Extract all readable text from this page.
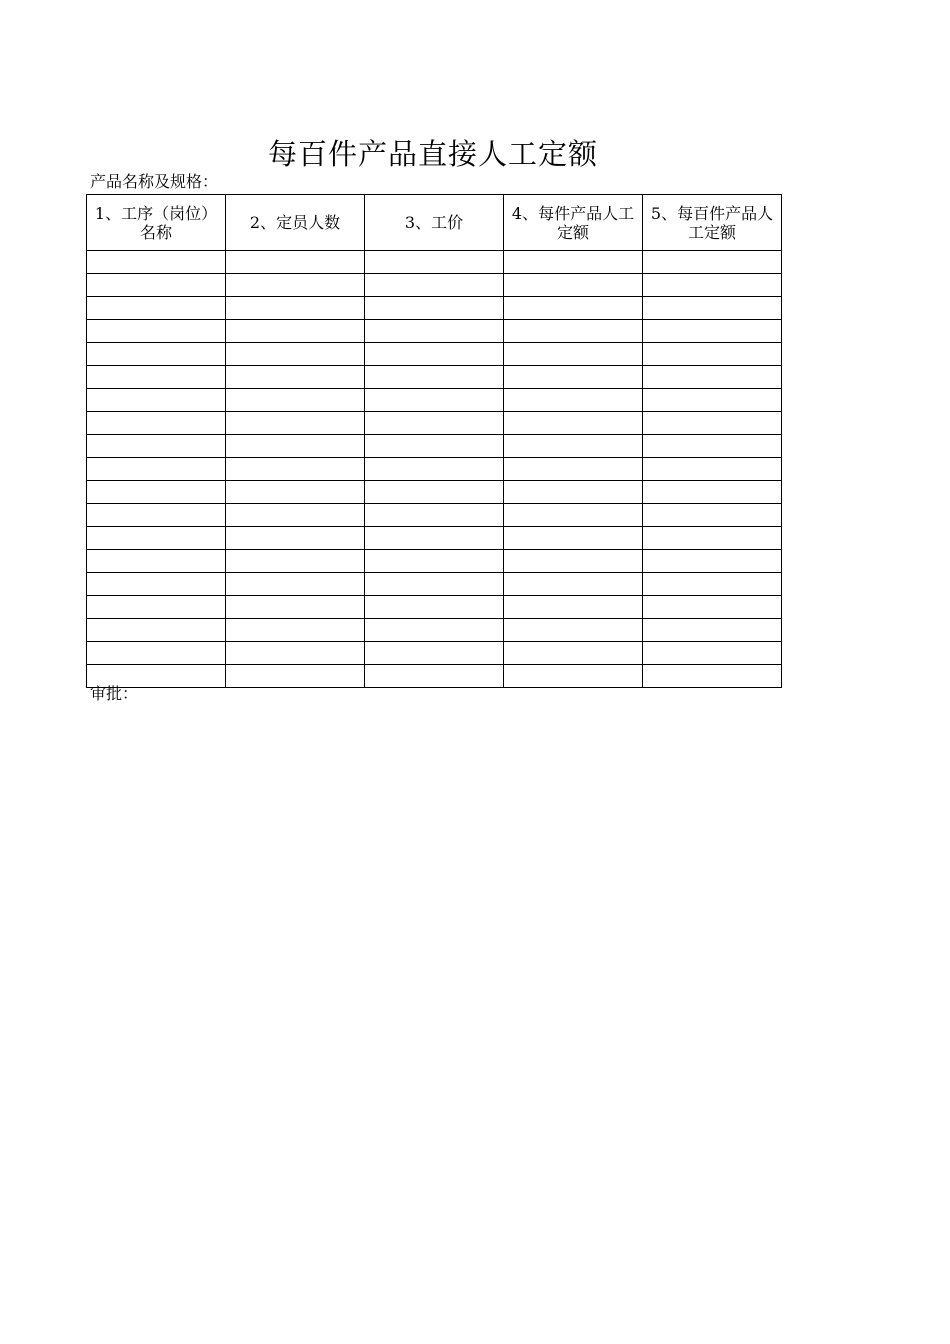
每百件产品直接人工定额
产品名称及规格：
1、工序（岗位）名称	2、定员人数	3、工价	4、每件产品人工定额	5、每百件产品人工定额

审批：
